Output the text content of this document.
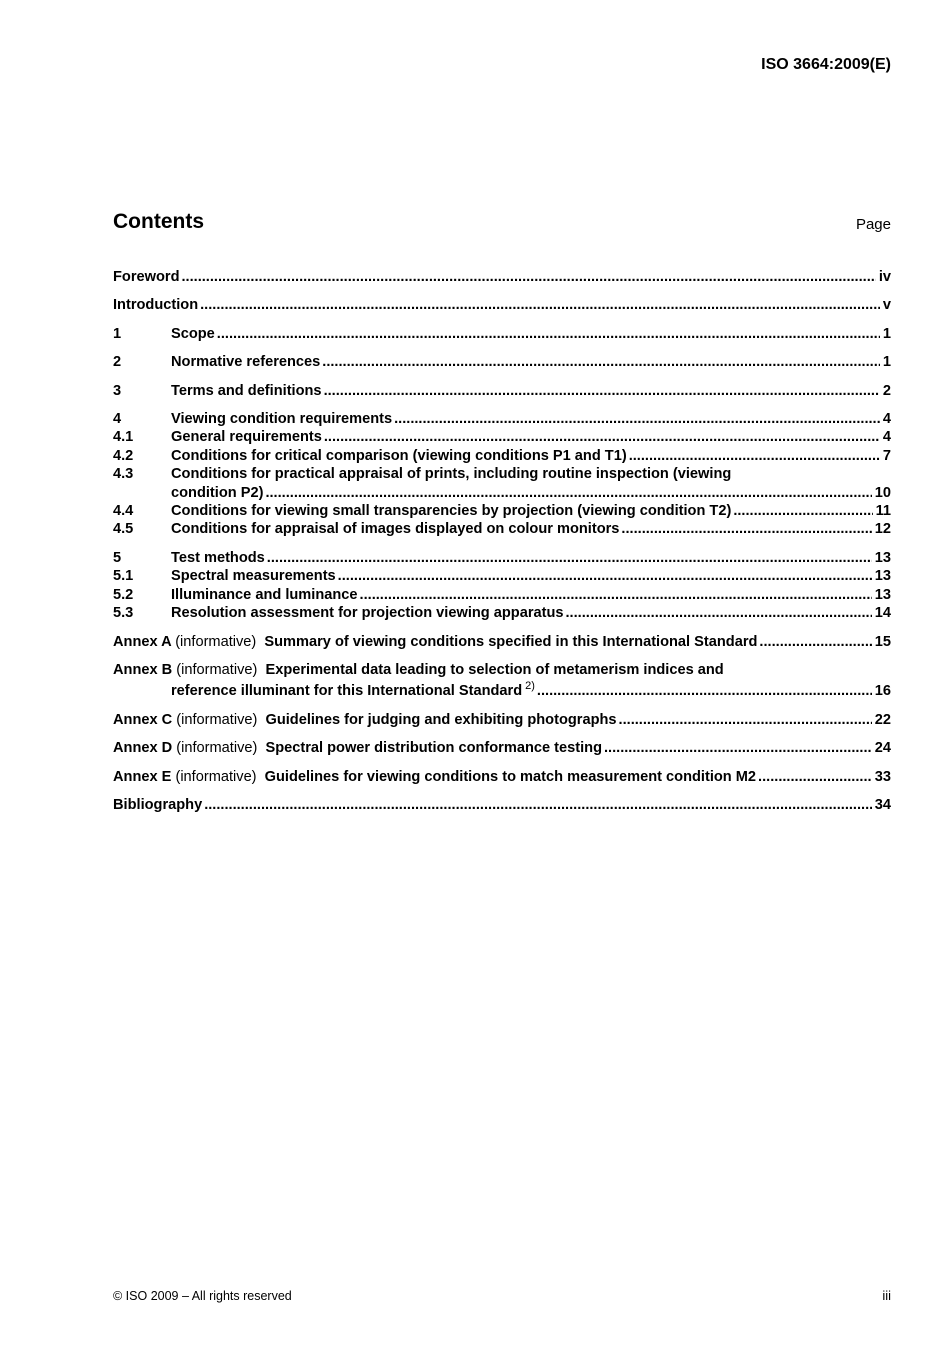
ISO 3664:2009(E)
Contents	Page
Foreword .....	iv
Introduction .....	v
1	Scope .....	1
2	Normative references .....	1
3	Terms and definitions .....	2
4	Viewing condition requirements .....	4
4.1	General requirements .....	4
4.2	Conditions for critical comparison (viewing conditions P1 and T1) .....	7
4.3	Conditions for practical appraisal of prints, including routine inspection (viewing
condition P2) .....	10
4.4	Conditions for viewing small transparencies by projection (viewing condition T2) .....	11
4.5	Conditions for appraisal of images displayed on colour monitors .....	12
5	Test methods .....	13
5.1	Spectral measurements .....	13
5.2	Illuminance and luminance .....	13
5.3	Resolution assessment for projection viewing apparatus .....	14
Annex A (informative) Summary of viewing conditions specified in this International Standard .....	15
Annex B (informative) Experimental data leading to selection of metamerism indices and
reference illuminant for this International Standard $^{2)}$ .....	16
Annex C (informative) Guidelines for judging and exhibiting photographs .....	22
Annex D (informative) Spectral power distribution conformance testing .....	24
Annex E (informative) Guidelines for viewing conditions to match measurement condition M2 .....	33
Bibliography .....	34
© ISO 2009 – All rights reserved	iii
